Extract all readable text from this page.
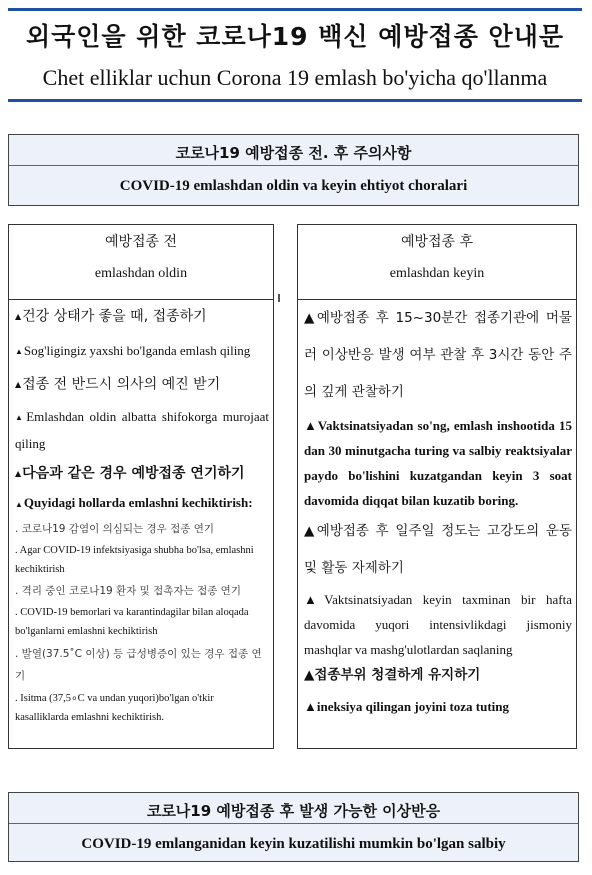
외국인을 위한 코로나19 백신 예방접종 안내문
Chet elliklar uchun Corona 19 emlash bo'yicha qo'llanma
코로나19 예방접종 전. 후 주의사항
COVID-19 emlashdan oldin va keyin ehtiyot choralari
예방접종 전
emlashdan oldin
▲건강 상태가 좋을 때, 접종하기
▲Sog'ligingiz yaxshi bo'lganda emlash qiling
▲접종 전 반드시 의사의 예진 받기
▲Emlashdan oldin albatta shifokorga murojaat qiling
▲다음과 같은 경우 예방접종 연기하기
▲Quyidagi hollarda emlashni kechiktirish:
. 코로나19 감염이 의심되는 경우 접종 연기
. Agar COVID-19 infektsiyasiga shubha bo'lsa, emlashni kechiktirish
. 격리 중인 코로나19 환자 및 접촉자는 접종 연기
. COVID-19 bemorlari va karantindagilar bilan aloqada bo'lganlarni emlashni kechiktirish
. 발열(37.5˚C 이상) 등 급성병증이 있는 경우 접종 연기
. Isitma (37,5∘C va undan yuqori)bo'lgan o'tkir kasalliklarda emlashni kechiktirish.
예방접종 후
emlashdan keyin
▲예방접종 후 15~30분간 접종기관에 머물러 이상반응 발생 여부 관찰 후 3시간 동안 주의 깊게 관찰하기
▲Vaktsinatsiyadan so'ng, emlash inshootida 15 dan 30 minutgacha turing va salbiy reaktsiyalar paydo bo'lishini kuzatgandan keyin 3 soat davomida diqqat bilan kuzatib boring.
▲예방접종 후 일주일 정도는 고강도의 운동 및 활동 자제하기
▲Vaktsinatsiyadan keyin taxminan bir hafta davomida yuqori intensivlikdagi jismoniy mashqlar va mashg'ulotlardan saqlaning
▲접종부위 청결하게 유지하기
▲ineksiya qilingan joyini toza tuting
코로나19 예방접종 후 발생 가능한 이상반응
COVID-19 emlanganidan keyin kuzatilishi mumkin bo'lgan salbiy
